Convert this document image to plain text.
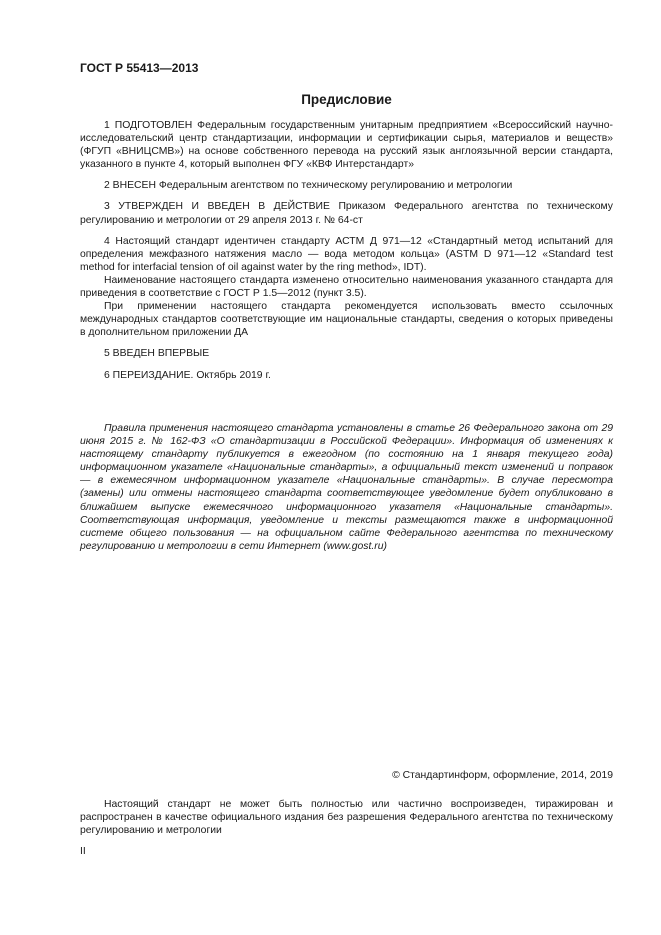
ГОСТ Р 55413—2013
Предисловие

1 ПОДГОТОВЛЕН Федеральным государственным унитарным предприятием «Всероссийский научно-исследовательский центр стандартизации, информации и сертификации сырья, материалов и веществ» (ФГУП «ВНИЦСМВ») на основе собственного перевода на русский язык англоязычной версии стандарта, указанного в пункте 4, который выполнен ФГУ «КВФ Интерстандарт»

2 ВНЕСЕН Федеральным агентством по техническому регулированию и метрологии

3 УТВЕРЖДЕН И ВВЕДЕН В ДЕЙСТВИЕ Приказом Федерального агентства по техническому регулированию и метрологии от 29 апреля 2013 г. № 64-ст

4 Настоящий стандарт идентичен стандарту АСТМ Д 971—12 «Стандартный метод испытаний для определения межфазного натяжения масло — вода методом кольца» (ASTM D 971—12 «Standard test method for interfacial tension of oil against water by the ring method», IDT).

Наименование настоящего стандарта изменено относительно наименования указанного стандарта для приведения в соответствие с ГОСТ Р 1.5—2012 (пункт 3.5).

При применении настоящего стандарта рекомендуется использовать вместо ссылочных международных стандартов соответствующие им национальные стандарты, сведения о которых приведены в дополнительном приложении ДА

5 ВВЕДЕН ВПЕРВЫЕ

6 ПЕРЕИЗДАНИЕ. Октябрь 2019 г.

Правила применения настоящего стандарта установлены в статье 26 Федерального закона от 29 июня 2015 г. № 162-ФЗ «О стандартизации в Российской Федерации». Информация об изменениях к настоящему стандарту публикуется в ежегодном (по состоянию на 1 января текущего года) информационном указателе «Национальные стандарты», а официальный текст изменений и поправок — в ежемесячном информационном указателе «Национальные стандарты». В случае пересмотра (замены) или отмены настоящего стандарта соответствующее уведомление будет опубликовано в ближайшем выпуске ежемесячного информационного указателя «Национальные стандарты». Соответствующая информация, уведомление и тексты размещаются также в информационной системе общего пользования — на официальном сайте Федерального агентства по техническому регулированию и метрологии в сети Интернет (www.gost.ru)
© Стандартинформ, оформление, 2014, 2019
Настоящий стандарт не может быть полностью или частично воспроизведен, тиражирован и распространен в качестве официального издания без разрешения Федерального агентства по техническому регулированию и метрологии
II
